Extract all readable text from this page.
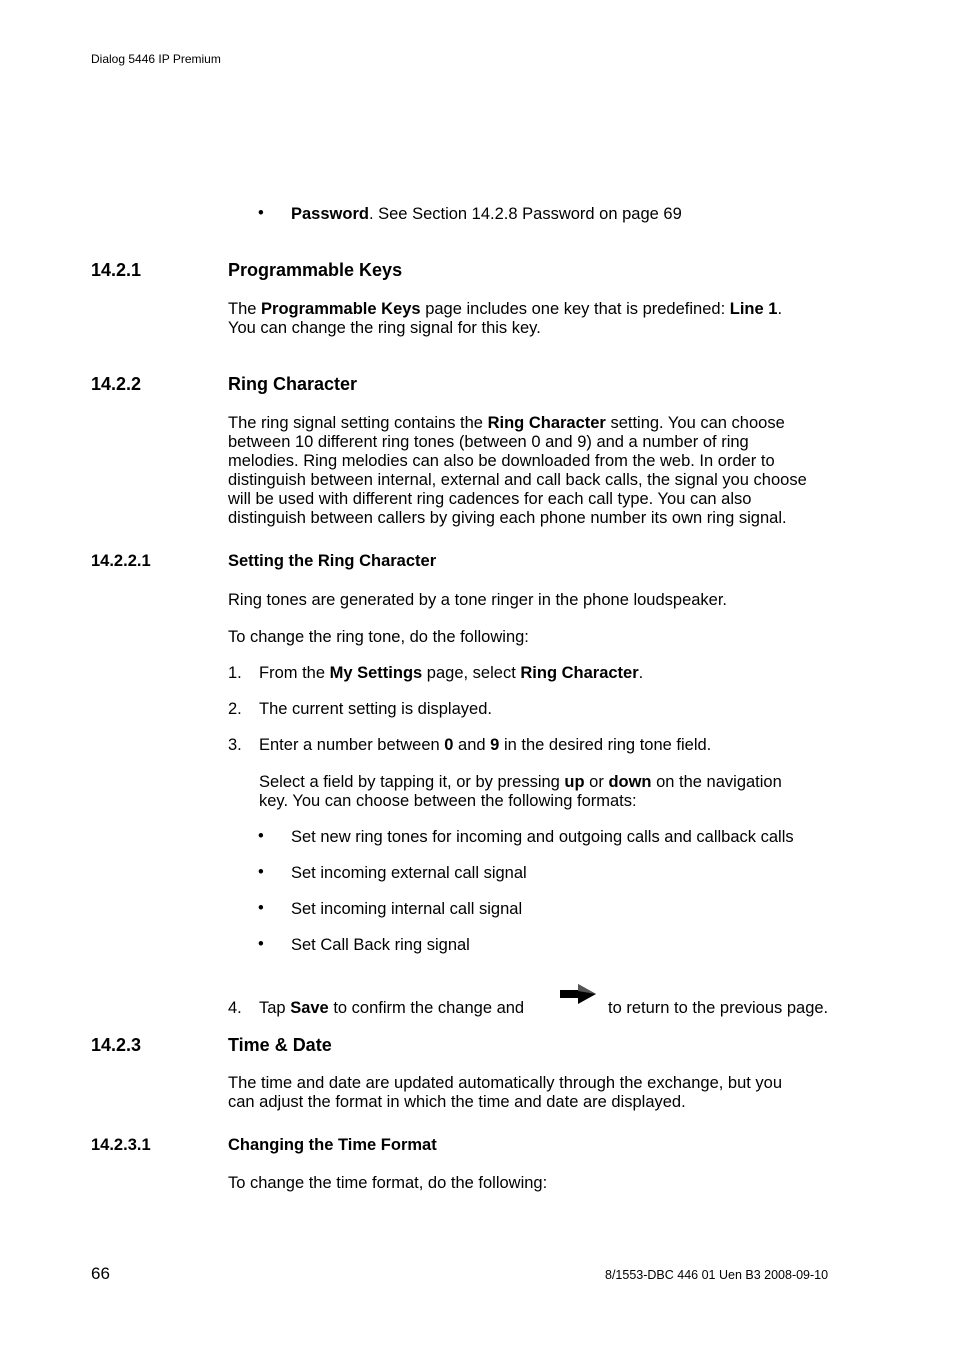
Dialog 5446 IP Premium
• Password. See Section 14.2.8 Password on page 69
14.2.1	Programmable Keys
The Programmable Keys page includes one key that is predefined: Line 1.
You can change the ring signal for this key.
14.2.2	Ring Character
The ring signal setting contains the Ring Character setting. You can choose
between 10 different ring tones (between 0 and 9) and a number of ring
melodies. Ring melodies can also be downloaded from the web. In order to
distinguish between internal, external and call back calls, the signal you choose
will be used with different ring cadences for each call type. You can also
distinguish between callers by giving each phone number its own ring signal.
14.2.2.1	Setting the Ring Character
Ring tones are generated by a tone ringer in the phone loudspeaker.
To change the ring tone, do the following:
1. From the My Settings page, select Ring Character.
2. The current setting is displayed.
3. Enter a number between 0 and 9 in the desired ring tone field.
Select a field by tapping it, or by pressing up or down on the navigation
key. You can choose between the following formats:
• Set new ring tones for incoming and outgoing calls and callback calls
• Set incoming external call signal
• Set incoming internal call signal
• Set Call Back ring signal
4. Tap Save to confirm the change and	to return to the previous page.
14.2.3	Time & Date
The time and date are updated automatically through the exchange, but you
can adjust the format in which the time and date are displayed.
14.2.3.1	Changing the Time Format
To change the time format, do the following:
66	8/1553-DBC 446 01 Uen B3 2008-09-10
